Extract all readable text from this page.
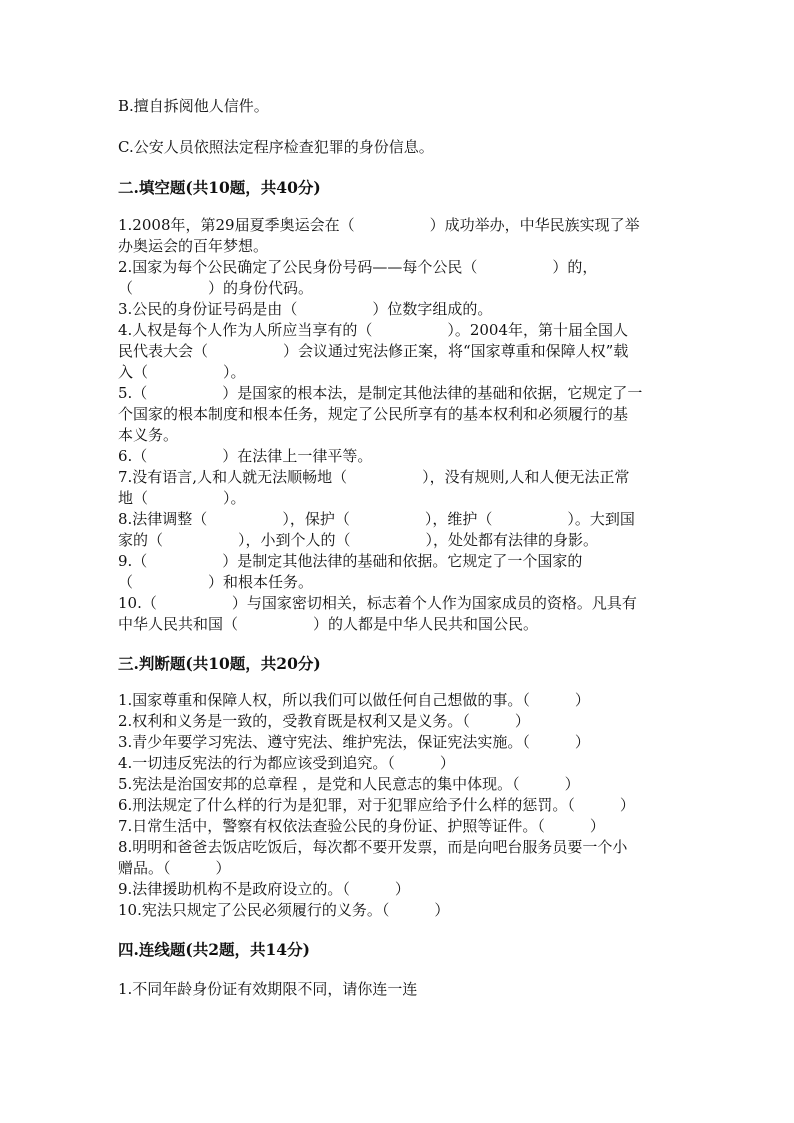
B.擅自拆阅他人信件。
C.公安人员依照法定程序检查犯罪的身份信息。
二.填空题(共10题，共40分)
1.2008年，第29届夏季奥运会在（　　　　　）成功举办，中华民族实现了举
办奥运会的百年梦想。
2.国家为每个公民确定了公民身份号码——每个公民（　　　　　）的，
（　　　　　）的身份代码。
3.公民的身份证号码是由（　　　　　）位数字组成的。
4.人权是每个人作为人所应当享有的（　　　　　）。2004年，第十届全国人
民代表大会（　　　　　）会议通过宪法修正案，将“国家尊重和保障人权”载
入（　　　　　）。
5.（　　　　　）是国家的根本法，是制定其他法律的基础和依据，它规定了一
个国家的根本制度和根本任务，规定了公民所享有的基本权利和必须履行的基
本义务。
6.（　　　　　）在法律上一律平等。
7.没有语言,人和人就无法顺畅地（　　　　　），没有规则,人和人便无法正常
地（　　　　　）。
8.法律调整（　　　　　），保护（　　　　　），维护（　　　　　）。大到国
家的（　　　　　），小到个人的（　　　　　），处处都有法律的身影。
9.（　　　　　）是制定其他法律的基础和依据。它规定了一个国家的
（　　　　　）和根本任务。
10.（　　　　　）与国家密切相关，标志着个人作为国家成员的资格。凡具有
中华人民共和国（　　　　　）的人都是中华人民共和国公民。
三.判断题(共10题，共20分)
1.国家尊重和保障人权，所以我们可以做任何自己想做的事。（　　　）
2.权利和义务是一致的，受教育既是权利又是义务。（　　　）
3.青少年要学习宪法、遵守宪法、维护宪法，保证宪法实施。（　　　）
4.一切违反宪法的行为都应该受到追究。（　　　）
5.宪法是治国安邦的总章程 ，是党和人民意志的集中体现。（　　　）
6.刑法规定了什么样的行为是犯罪，对于犯罪应给予什么样的惩罚。（　　　）
7.日常生活中，警察有权依法查验公民的身份证、护照等证件。（　　　）
8.明明和爸爸去饭店吃饭后，每次都不要开发票，而是向吧台服务员要一个小
赠品。（　　　）
9.法律援助机构不是政府设立的。（　　　）
10.宪法只规定了公民必须履行的义务。（　　　）
四.连线题(共2题，共14分)
1.不同年龄身份证有效期限不同，请你连一连
